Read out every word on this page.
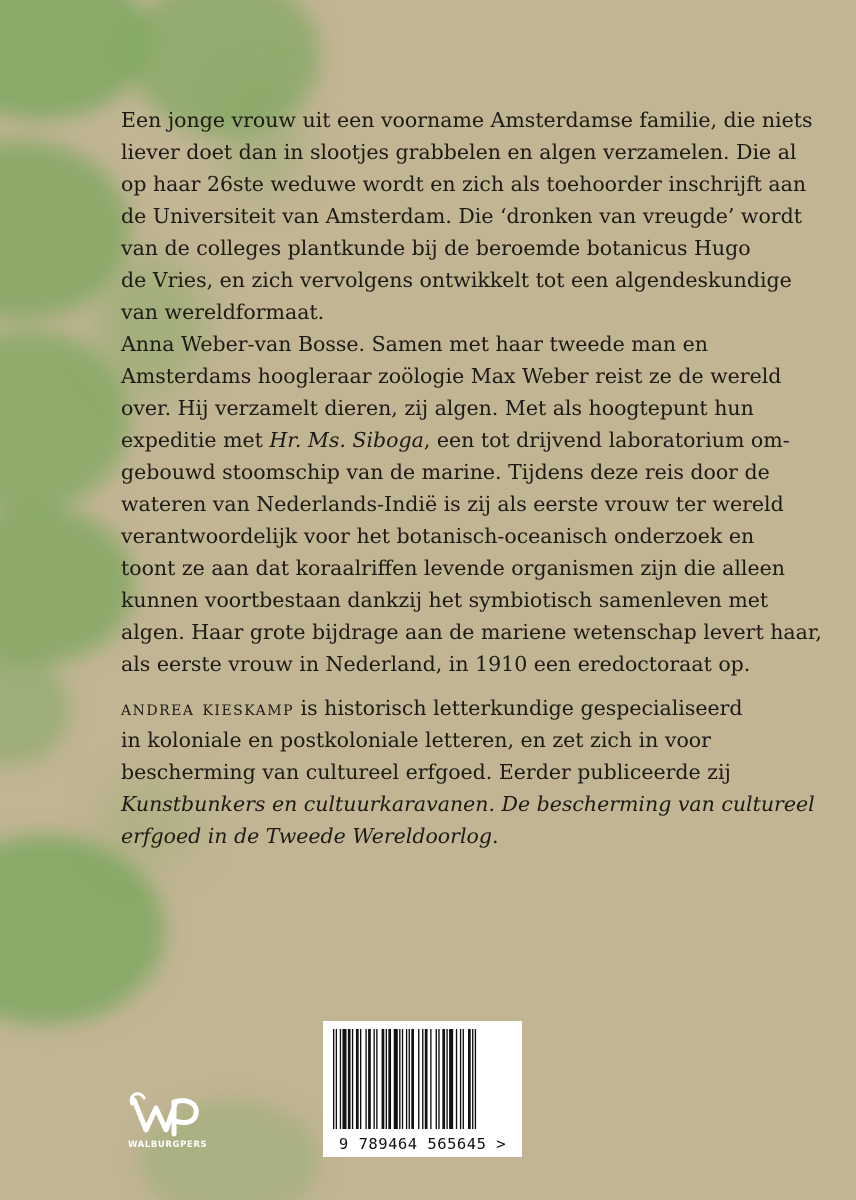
Een jonge vrouw uit een voorname Amsterdamse familie, die niets
liever doet dan in slootjes grabbelen en algen verzamelen. Die al
op haar 26ste weduwe wordt en zich als toehoorder inschrijft aan
de Universiteit van Amsterdam. Die ‘dronken van vreugde’ wordt
van de colleges plantkunde bij de beroemde botanicus Hugo
de Vries, en zich vervolgens ontwikkelt tot een algendeskundige
van wereldformaat.
Anna Weber-van Bosse. Samen met haar tweede man en
Amsterdams hoogleraar zoölogie Max Weber reist ze de wereld
over. Hij verzamelt dieren, zij algen. Met als hoogtepunt hun
expeditie met Hr. Ms. Siboga, een tot drijvend laboratorium om-
gebouwd stoomschip van de marine. Tijdens deze reis door de
wateren van Nederlands-Indië is zij als eerste vrouw ter wereld
verantwoordelijk voor het botanisch-oceanisch onderzoek en
toont ze aan dat koraalriffen levende organismen zijn die alleen
kunnen voortbestaan dankzij het symbiotisch samenleven met
algen. Haar grote bijdrage aan de mariene wetenschap levert haar,
als eerste vrouw in Nederland, in 1910 een eredoctoraat op.
andrea kieskamp is historisch letterkundige gespecialiseerd
in koloniale en postkoloniale letteren, en zet zich in voor
bescherming van cultureel erfgoed. Eerder publiceerde zij
Kunstbunkers en cultuurkaravanen. De bescherming van cultureel
erfgoed in de Tweede Wereldoorlog.
9 789464 565645 >
WALBURGPERS
